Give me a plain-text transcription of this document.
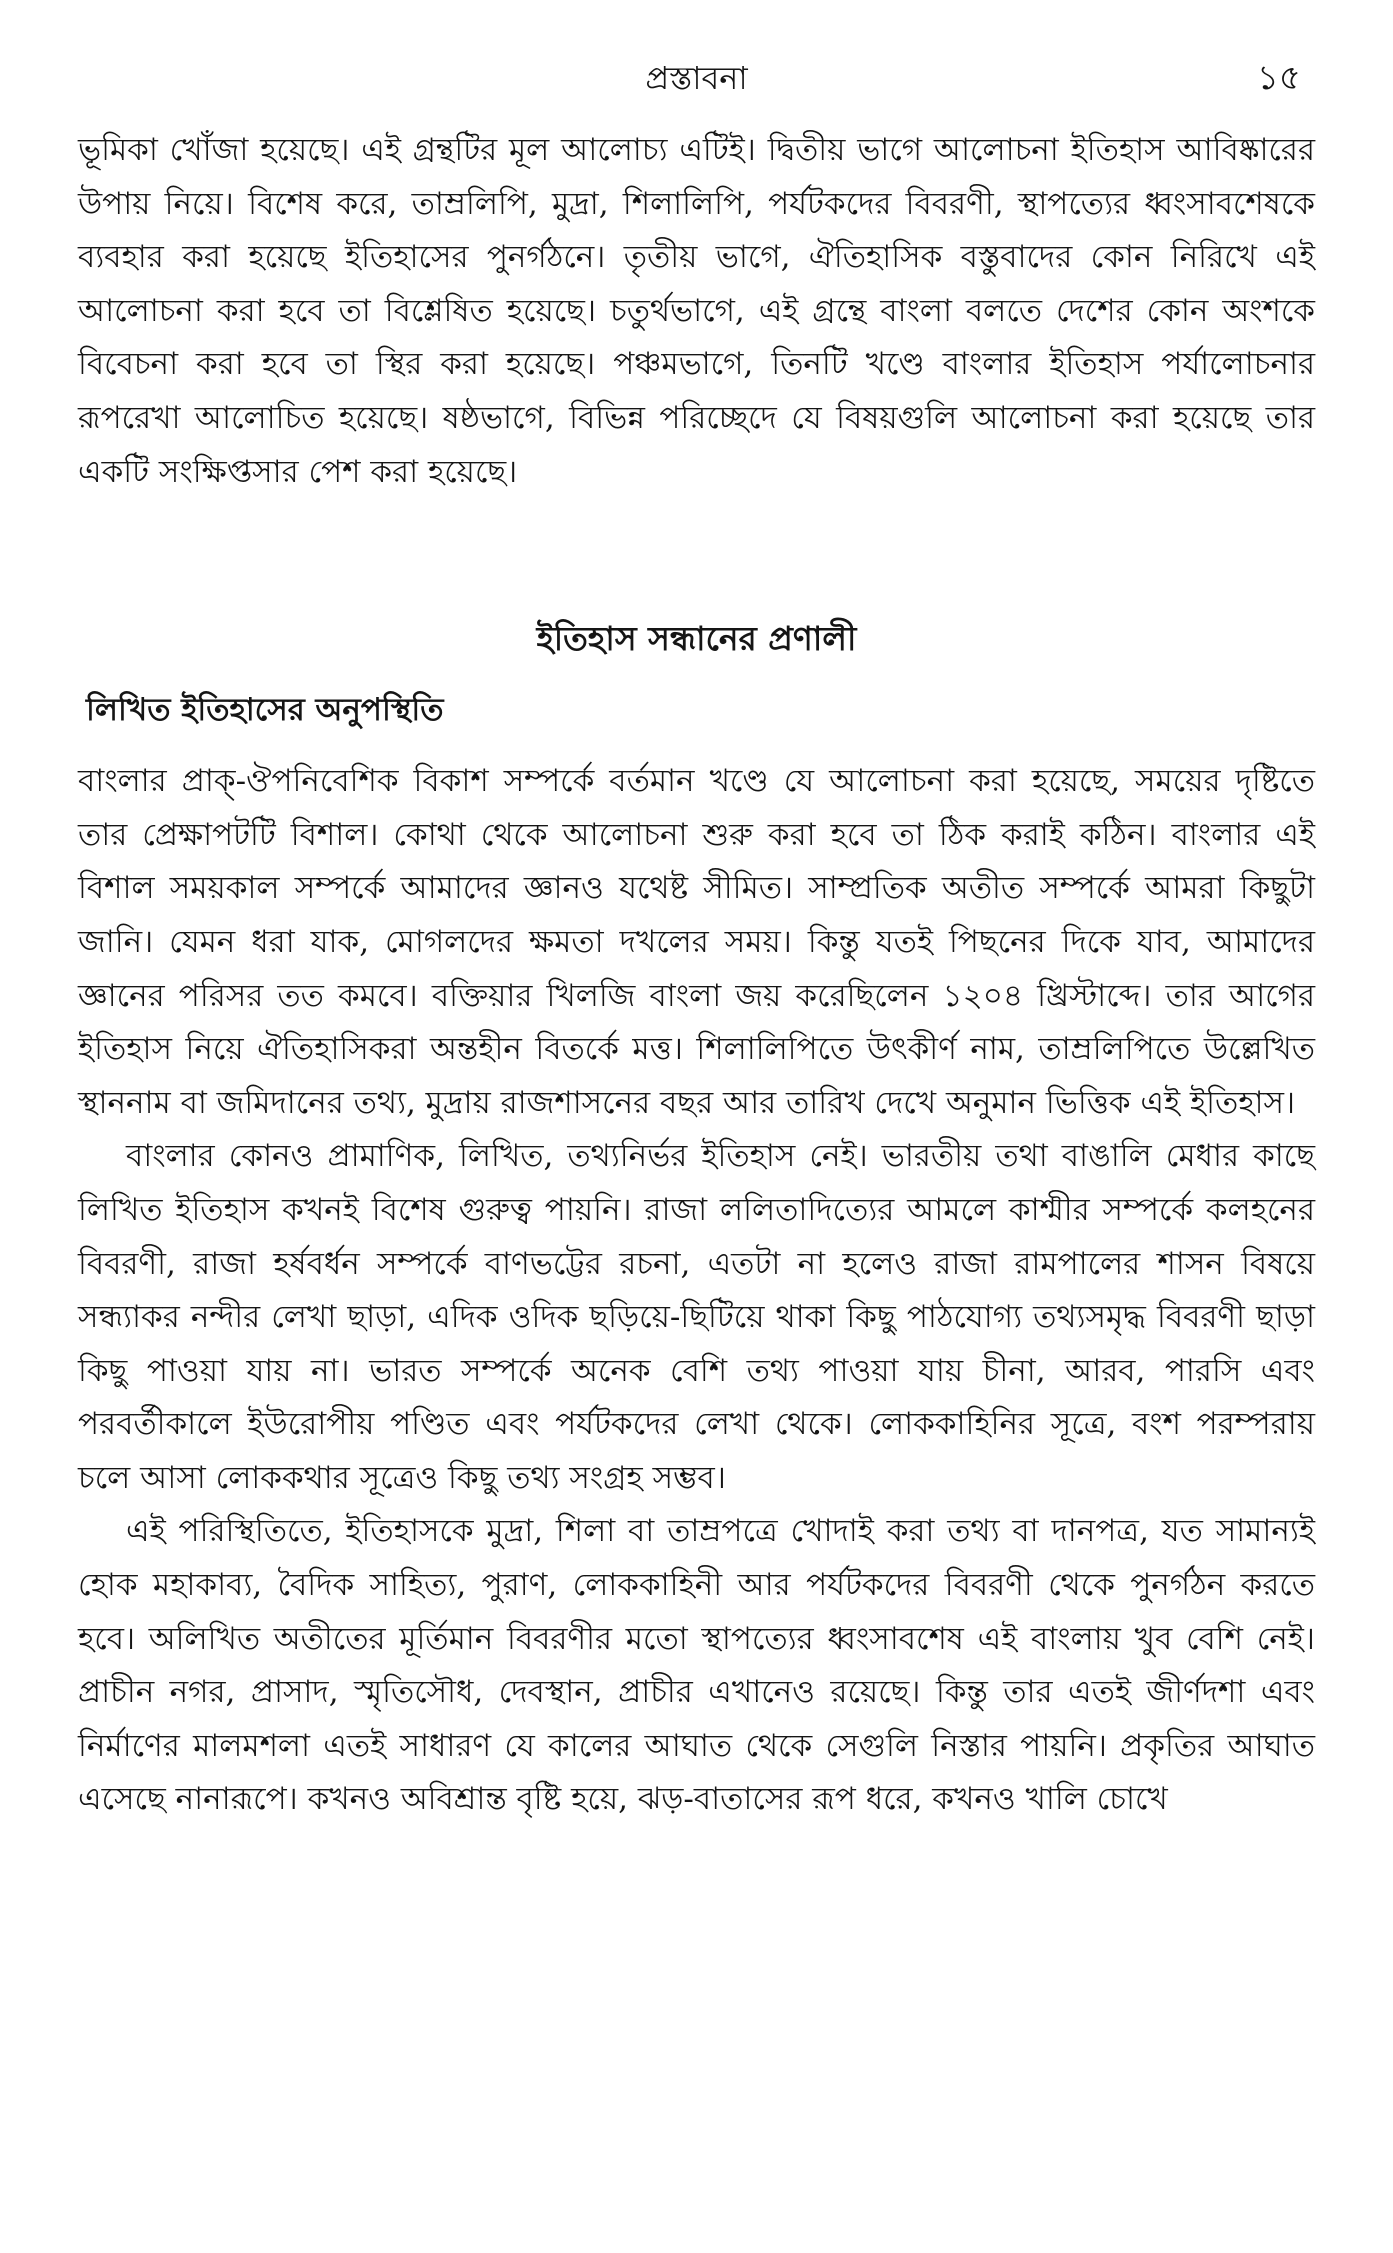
প্রস্তাবনা	১৫

ভূমিকা খোঁজা হয়েছে। এই গ্রন্থটির মূল আলোচ্য এটিই। দ্বিতীয় ভাগে আলোচনা ইতিহাস আবিষ্কারের উপায় নিয়ে। বিশেষ করে, তাম্রলিপি, মুদ্রা, শিলালিপি, পর্যটকদের বিবরণী, স্থাপত্যের ধ্বংসাবশেষকে ব্যবহার করা হয়েছে ইতিহাসের পুনর্গঠনে। তৃতীয় ভাগে, ঐতিহাসিক বস্তুবাদের কোন নিরিখে এই আলোচনা করা হবে তা বিশ্লেষিত হয়েছে। চতুর্থভাগে, এই গ্রন্থে বাংলা বলতে দেশের কোন অংশকে বিবেচনা করা হবে তা স্থির করা হয়েছে। পঞ্চমভাগে, তিনটি খণ্ডে বাংলার ইতিহাস পর্যালোচনার রূপরেখা আলোচিত হয়েছে। ষষ্ঠভাগে, বিভিন্ন পরিচ্ছেদে যে বিষয়গুলি আলোচনা করা হয়েছে তার একটি সংক্ষিপ্তসার পেশ করা হয়েছে।

ইতিহাস সন্ধানের প্রণালী
লিখিত ইতিহাসের অনুপস্থিতি

বাংলার প্রাক্-ঔপনিবেশিক বিকাশ সম্পর্কে বর্তমান খণ্ডে যে আলোচনা করা হয়েছে, সময়ের দৃষ্টিতে তার প্রেক্ষাপটটি বিশাল। কোথা থেকে আলোচনা শুরু করা হবে তা ঠিক করাই কঠিন। বাংলার এই বিশাল সময়কাল সম্পর্কে আমাদের জ্ঞানও যথেষ্ট সীমিত। সাম্প্রতিক অতীত সম্পর্কে আমরা কিছুটা জানি। যেমন ধরা যাক, মোগলদের ক্ষমতা দখলের সময়। কিন্তু যতই পিছনের দিকে যাব, আমাদের জ্ঞানের পরিসর তত কমবে। বক্তিয়ার খিলজি বাংলা জয় করেছিলেন ১২০৪ খ্রিস্টাব্দে। তার আগের ইতিহাস নিয়ে ঐতিহাসিকরা অন্তহীন বিতর্কে মত্ত। শিলালিপিতে উৎকীর্ণ নাম, তাম্রলিপিতে উল্লেখিত স্থাননাম বা জমিদানের তথ্য, মুদ্রায় রাজশাসনের বছর আর তারিখ দেখে অনুমান ভিত্তিক এই ইতিহাস।

বাংলার কোনও প্রামাণিক, লিখিত, তথ্যনির্ভর ইতিহাস নেই। ভারতীয় তথা বাঙালি মেধার কাছে লিখিত ইতিহাস কখনই বিশেষ গুরুত্ব পায়নি। রাজা ললিতাদিত্যের আমলে কাশ্মীর সম্পর্কে কলহনের বিবরণী, রাজা হর্ষবর্ধন সম্পর্কে বাণভট্টের রচনা, এতটা না হলেও রাজা রামপালের শাসন বিষয়ে সন্ধ্যাকর নন্দীর লেখা ছাড়া, এদিক ওদিক ছড়িয়ে-ছিটিয়ে থাকা কিছু পাঠযোগ্য তথ্যসমৃদ্ধ বিবরণী ছাড়া কিছু পাওয়া যায় না। ভারত সম্পর্কে অনেক বেশি তথ্য পাওয়া যায় চীনা, আরব, পারসি এবং পরবর্তীকালে ইউরোপীয় পণ্ডিত এবং পর্যটকদের লেখা থেকে। লোককাহিনির সূত্রে, বংশ পরম্পরায় চলে আসা লোককথার সূত্রেও কিছু তথ্য সংগ্রহ সম্ভব।

এই পরিস্থিতিতে, ইতিহাসকে মুদ্রা, শিলা বা তাম্রপত্রে খোদাই করা তথ্য বা দানপত্র, যত সামান্যই হোক মহাকাব্য, বৈদিক সাহিত্য, পুরাণ, লোককাহিনী আর পর্যটকদের বিবরণী থেকে পুনর্গঠন করতে হবে। অলিখিত অতীতের মূর্তিমান বিবরণীর মতো স্থাপত্যের ধ্বংসাবশেষ এই বাংলায় খুব বেশি নেই। প্রাচীন নগর, প্রাসাদ, স্মৃতিসৌধ, দেবস্থান, প্রাচীর এখানেও রয়েছে। কিন্তু তার এতই জীর্ণদশা এবং নির্মাণের মালমশলা এতই সাধারণ যে কালের আঘাত থেকে সেগুলি নিস্তার পায়নি। প্রকৃতির আঘাত এসেছে নানারূপে। কখনও অবিশ্রান্ত বৃষ্টি হয়ে, ঝড়-বাতাসের রূপ ধরে, কখনও খালি চোখে
